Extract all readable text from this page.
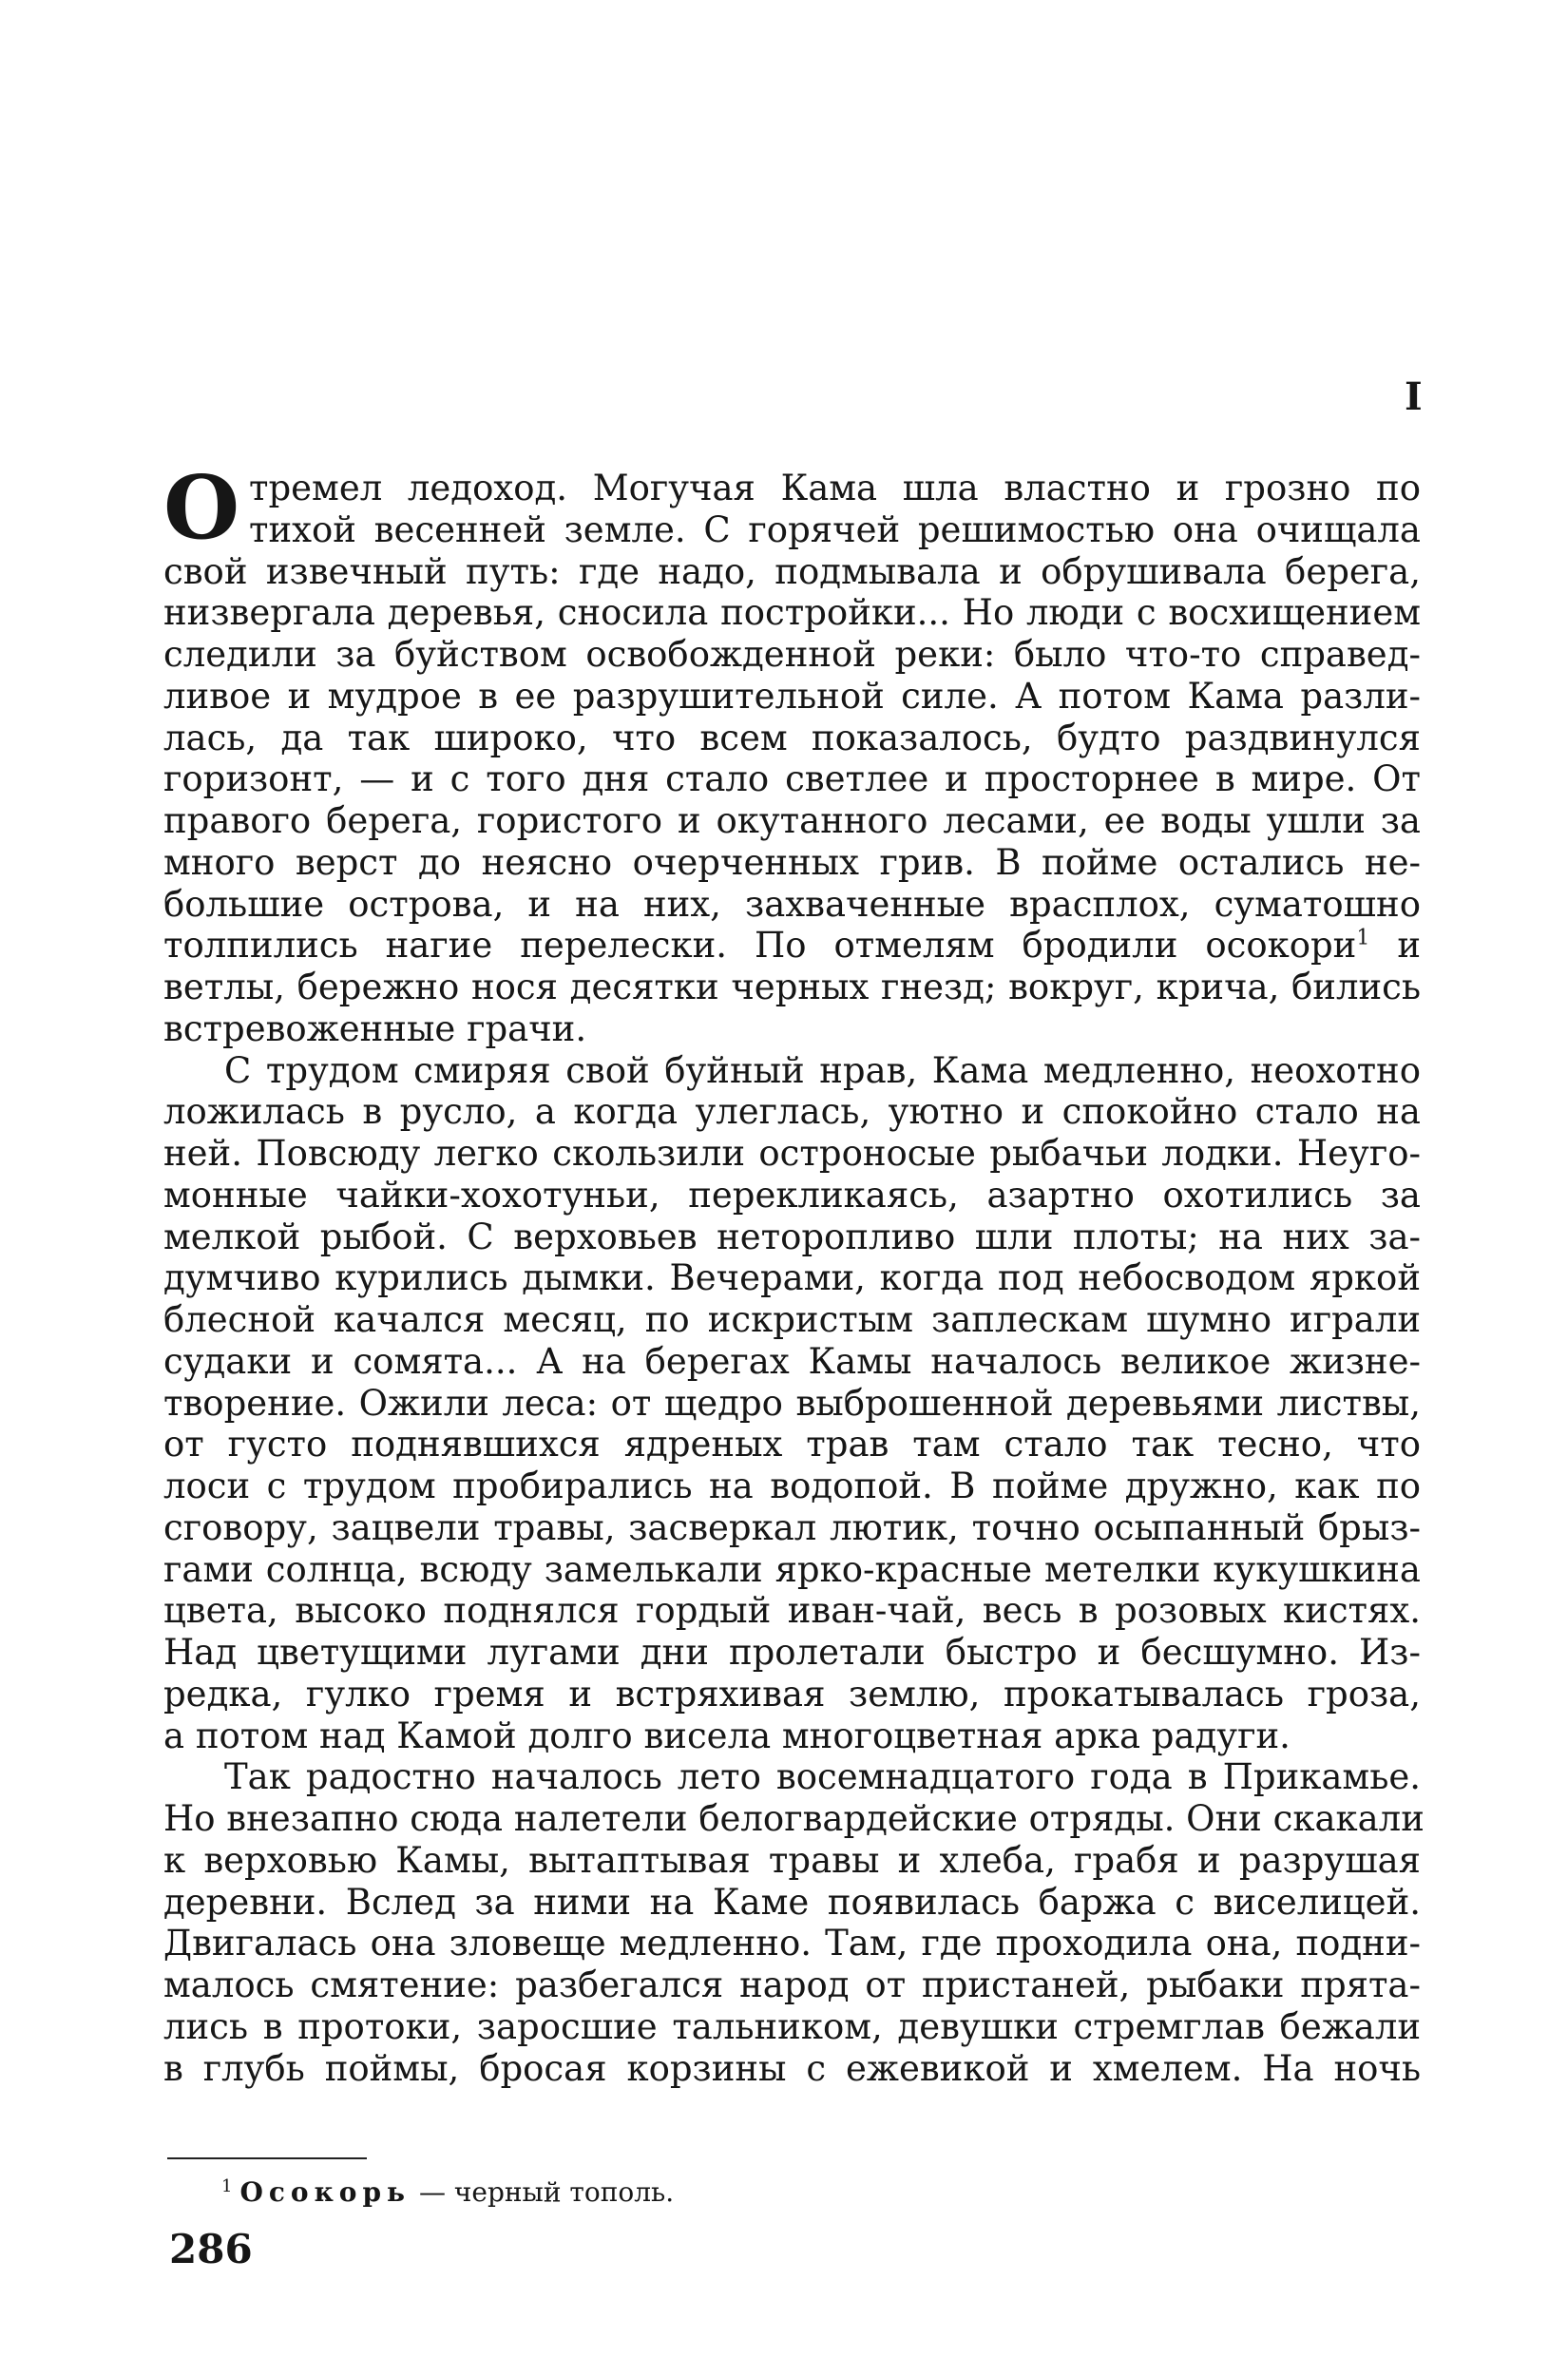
I
О тремел ледоход. Могучая Кама шла властно и грозно по
тихой весенней земле. С горячей решимостью она очищала
свой извечный путь: где надо, подмывала и обрушивала берега,
низвергала деревья, сносила постройки... Но люди с восхищением
следили за буйством освобожденной реки: было что-то справед-
ливое и мудрое в ее разрушительной силе. А потом Кама разли-
лась, да так широко, что всем показалось, будто раздвинулся
горизонт, — и с того дня стало светлее и просторнее в мире. От
правого берега, гористого и окутанного лесами, ее воды ушли за
много верст до неясно очерченных грив. В пойме остались не-
большие острова, и на них, захваченные врасплох, суматошно
толпились нагие перелески. По отмелям бродили осокори$^1$ и
ветлы, бережно нося десятки черных гнезд; вокруг, крича, бились
встревоженные грачи.
С трудом смиряя свой буйный нрав, Кама медленно, неохотно
ложилась в русло, а когда улеглась, уютно и спокойно стало на
ней. Повсюду легко скользили остроносые рыбачьи лодки. Неуго-
монные чайки-хохотуньи, перекликаясь, азартно охотились за
мелкой рыбой. С верховьев неторопливо шли плоты; на них за-
думчиво курились дымки. Вечерами, когда под небосводом яркой
блесной качался месяц, по искристым заплескам шумно играли
судаки и сомята... А на берегах Камы началось великое жизне-
творение. Ожили леса: от щедро выброшенной деревьями листвы,
от густо поднявшихся ядреных трав там стало так тесно, что
лоси с трудом пробирались на водопой. В пойме дружно, как по
сговору, зацвели травы, засверкал лютик, точно осыпанный брыз-
гами солнца, всюду замелькали ярко-красные метелки кукушкина
цвета, высоко поднялся гордый иван-чай, весь в розовых кистях.
Над цветущими лугами дни пролетали быстро и бесшумно. Из-
редка, гулко гремя и встряхивая землю, прокатывалась гроза,
а потом над Камой долго висела многоцветная арка радуги.
Так радостно началось лето восемнадцатого года в Прикамье.
Но внезапно сюда налетели белогвардейские отряды. Они скакали
к верховью Камы, вытаптывая травы и хлеба, грабя и разрушая
деревни. Вслед за ними на Каме появилась баржа с виселицей.
Двигалась она зловеще медленно. Там, где проходила она, подни-
малось смятение: разбегался народ от пристаней, рыбаки прята-
лись в протоки, заросшие тальником, девушки стремглав бежали
в глубь поймы, бросая корзины с ежевикой и хмелем. На ночь
$^1$ Осокорь — черный тополь.
286
